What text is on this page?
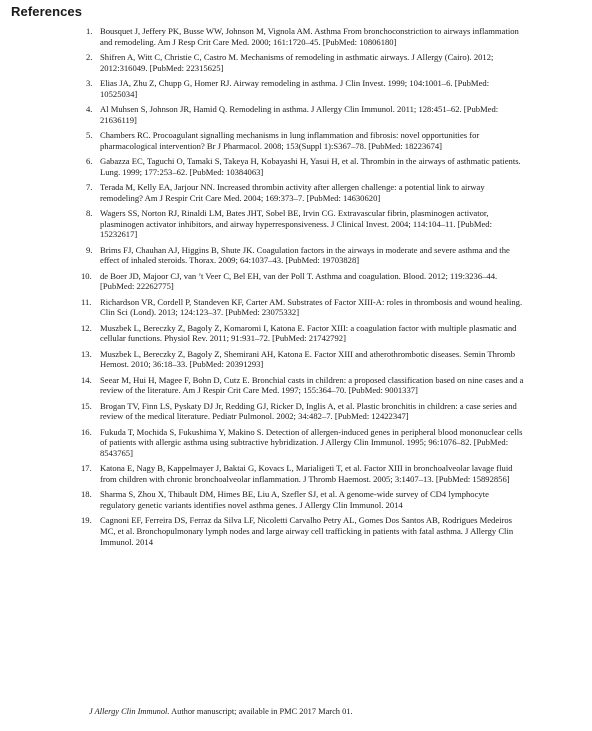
References
1. Bousquet J, Jeffery PK, Busse WW, Johnson M, Vignola AM. Asthma From bronchoconstriction to airways inflammation and remodeling. Am J Resp Crit Care Med. 2000; 161:1720–45. [PubMed: 10806180]
2. Shifren A, Witt C, Christie C, Castro M. Mechanisms of remodeling in asthmatic airways. J Allergy (Cairo). 2012; 2012:316049. [PubMed: 22315625]
3. Elias JA, Zhu Z, Chupp G, Homer RJ. Airway remodeling in asthma. J Clin Invest. 1999; 104:1001–6. [PubMed: 10525034]
4. Al Muhsen S, Johnson JR, Hamid Q. Remodeling in asthma. J Allergy Clin Immunol. 2011; 128:451–62. [PubMed: 21636119]
5. Chambers RC. Procoagulant signalling mechanisms in lung inflammation and fibrosis: novel opportunities for pharmacological intervention? Br J Pharmacol. 2008; 153(Suppl 1):S367–78. [PubMed: 18223674]
6. Gabazza EC, Taguchi O, Tamaki S, Takeya H, Kobayashi H, Yasui H, et al. Thrombin in the airways of asthmatic patients. Lung. 1999; 177:253–62. [PubMed: 10384063]
7. Terada M, Kelly EA, Jarjour NN. Increased thrombin activity after allergen challenge: a potential link to airway remodeling? Am J Respir Crit Care Med. 2004; 169:373–7. [PubMed: 14630620]
8. Wagers SS, Norton RJ, Rinaldi LM, Bates JHT, Sobel BE, Irvin CG. Extravascular fibrin, plasminogen activator, plasminogen activator inhibitors, and airway hyperresponsiveness. J Clinical Invest. 2004; 114:104–11. [PubMed: 15232617]
9. Brims FJ, Chauhan AJ, Higgins B, Shute JK. Coagulation factors in the airways in moderate and severe asthma and the effect of inhaled steroids. Thorax. 2009; 64:1037–43. [PubMed: 19703828]
10. de Boer JD, Majoor CJ, van ’t Veer C, Bel EH, van der Poll T. Asthma and coagulation. Blood. 2012; 119:3236–44. [PubMed: 22262775]
11. Richardson VR, Cordell P, Standeven KF, Carter AM. Substrates of Factor XIII-A: roles in thrombosis and wound healing. Clin Sci (Lond). 2013; 124:123–37. [PubMed: 23075332]
12. Muszbek L, Bereczky Z, Bagoly Z, Komaromi I, Katona E. Factor XIII: a coagulation factor with multiple plasmatic and cellular functions. Physiol Rev. 2011; 91:931–72. [PubMed: 21742792]
13. Muszbek L, Bereczky Z, Bagoly Z, Shemirani AH, Katona E. Factor XIII and atherothrombotic diseases. Semin Thromb Hemost. 2010; 36:18–33. [PubMed: 20391293]
14. Seear M, Hui H, Magee F, Bohn D, Cutz E. Bronchial casts in children: a proposed classification based on nine cases and a review of the literature. Am J Respir Crit Care Med. 1997; 155:364–70. [PubMed: 9001337]
15. Brogan TV, Finn LS, Pyskaty DJ Jr, Redding GJ, Ricker D, Inglis A, et al. Plastic bronchitis in children: a case series and review of the medical literature. Pediatr Pulmonol. 2002; 34:482–7. [PubMed: 12422347]
16. Fukuda T, Mochida S, Fukushima Y, Makino S. Detection of allergen-induced genes in peripheral blood mononuclear cells of patients with allergic asthma using subtractive hybridization. J Allergy Clin Immunol. 1995; 96:1076–82. [PubMed: 8543765]
17. Katona E, Nagy B, Kappelmayer J, Baktai G, Kovacs L, Marialigeti T, et al. Factor XIII in bronchoalveolar lavage fluid from children with chronic bronchoalveolar inflammation. J Thromb Haemost. 2005; 3:1407–13. [PubMed: 15892856]
18. Sharma S, Zhou X, Thibault DM, Himes BE, Liu A, Szefler SJ, et al. A genome-wide survey of CD4 lymphocyte regulatory genetic variants identifies novel asthma genes. J Allergy Clin Immunol. 2014
19. Cagnoni EF, Ferreira DS, Ferraz da Silva LF, Nicoletti Carvalho Petry AL, Gomes Dos Santos AB, Rodrigues Medeiros MC, et al. Bronchopulmonary lymph nodes and large airway cell trafficking in patients with fatal asthma. J Allergy Clin Immunol. 2014
J Allergy Clin Immunol. Author manuscript; available in PMC 2017 March 01.
